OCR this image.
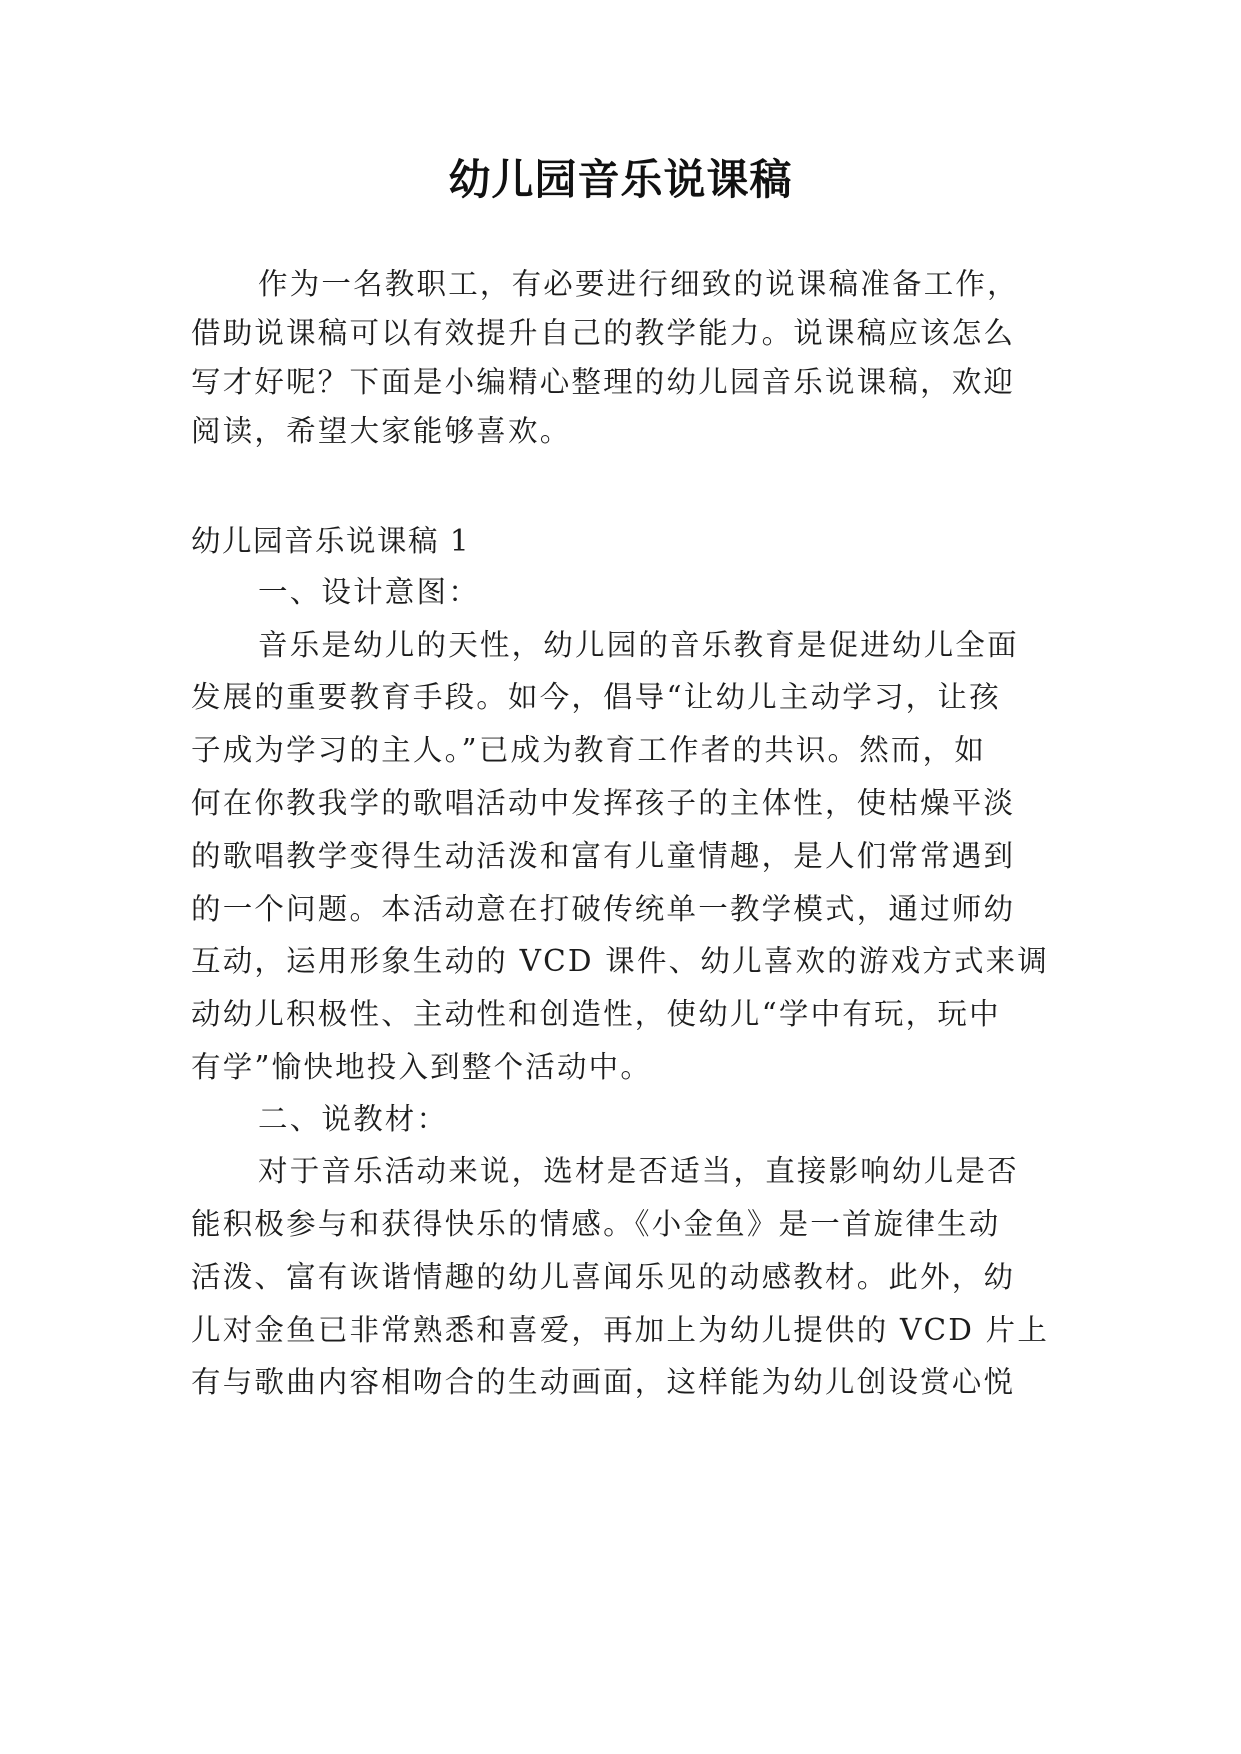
幼儿园音乐说课稿

作为一名教职工，有必要进行细致的说课稿准备工作，

借助说课稿可以有效提升自己的教学能力。说课稿应该怎么

写才好呢？下面是小编精心整理的幼儿园音乐说课稿，欢迎

阅读，希望大家能够喜欢。

幼儿园音乐说课稿 1

一、设计意图：

音乐是幼儿的天性，幼儿园的音乐教育是促进幼儿全面

发展的重要教育手段。如今，倡导“让幼儿主动学习，让孩

子成为学习的主人。”已成为教育工作者的共识。然而，如

何在你教我学的歌唱活动中发挥孩子的主体性，使枯燥平淡

的歌唱教学变得生动活泼和富有儿童情趣，是人们常常遇到

的一个问题。本活动意在打破传统单一教学模式，通过师幼

互动，运用形象生动的 VCD 课件、幼儿喜欢的游戏方式来调

动幼儿积极性、主动性和创造性，使幼儿“学中有玩，玩中

有学”愉快地投入到整个活动中。

二、说教材：

对于音乐活动来说，选材是否适当，直接影响幼儿是否

能积极参与和获得快乐的情感。《小金鱼》是一首旋律生动

活泼、富有诙谐情趣的幼儿喜闻乐见的动感教材。此外，幼

儿对金鱼已非常熟悉和喜爱，再加上为幼儿提供的 VCD 片上

有与歌曲内容相吻合的生动画面，这样能为幼儿创设赏心悦
